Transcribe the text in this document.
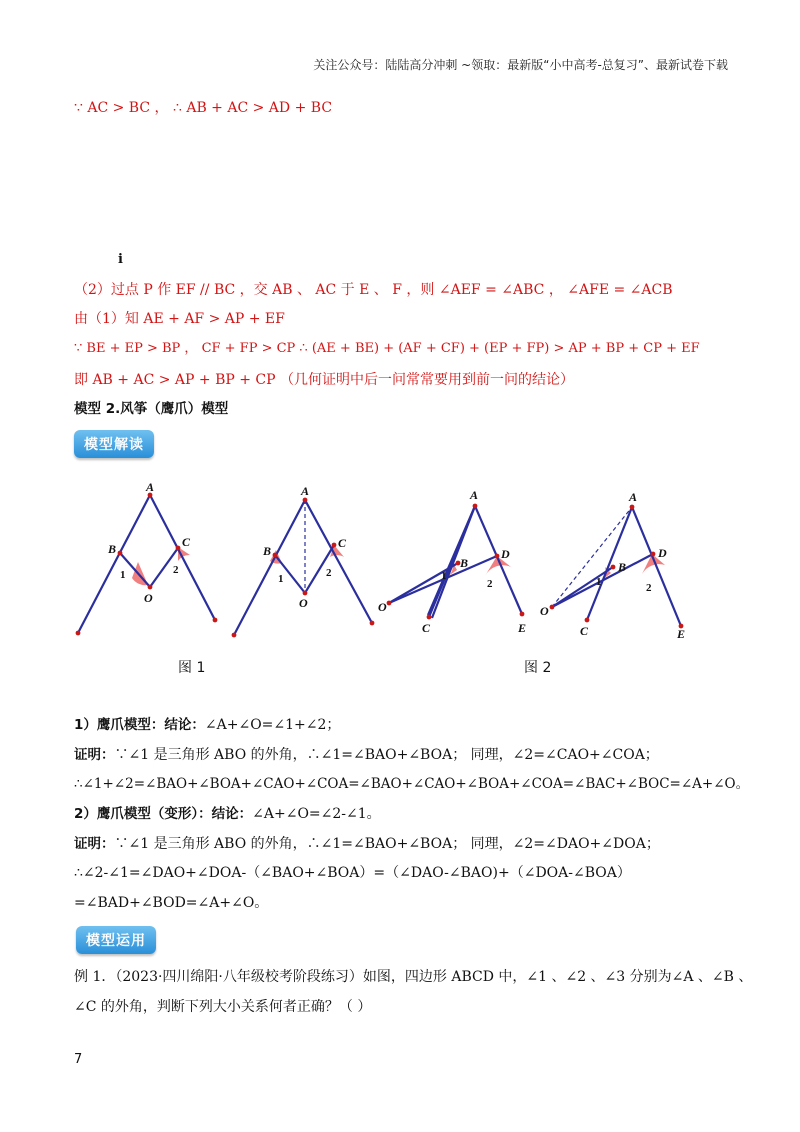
关注公众号：陆陆高分冲刺 ~领取：最新版“小中高考-总复习”、最新试卷下载
∵ AC > BC ， ∴ AB + AC > AD + BC
i
（2）过点 P 作 EF // BC ，交 AB 、 AC 于 E 、 F ，则 ∠AEF = ∠ABC ， ∠AFE = ∠ACB
由（1）知 AE + AF > AP + EF
∵ BE + EP > BP ， CF + FP > CP ∴ (AE + BE) + (AF + CF) + (EP + FP) > AP + BP + CP + EF
即 AB + AC > AP + BP + CP （几何证明中后一问常常要用到前一问的结论）
模型 2.风筝（鹰爪）模型
模型解读
A
B	C
O
1	2
A
B
C
O
1	2
A
B
C
D
E
O
1
2
A
B
C
D
E
O
1	2
图 1	图 2
1）鹰爪模型：结论：∠A+∠O=∠1+∠2；
证明：∵∠1 是三角形 ABO 的外角，∴∠1=∠BAO+∠BOA； 同理，∠2=∠CAO+∠COA；
∴∠1+∠2=∠BAO+∠BOA+∠CAO+∠COA=∠BAO+∠CAO+∠BOA+∠COA=∠BAC+∠BOC=∠A+∠O。
2）鹰爪模型（变形）：结论：∠A+∠O=∠2-∠1。
证明：∵∠1 是三角形 ABO 的外角，∴∠1=∠BAO+∠BOA； 同理，∠2=∠DAO+∠DOA；
∴∠2-∠1=∠DAO+∠DOA-（∠BAO+∠BOA）=（∠DAO-∠BAO)+（∠DOA-∠BOA）
=∠BAD+∠BOD=∠A+∠O。
模型运用
例 1．（2023·四川绵阳·八年级校考阶段练习）如图，四边形 ABCD 中，∠1 、∠2 、∠3 分别为∠A 、∠B 、
∠C 的外角，判断下列大小关系何者正确？（ ）
7
